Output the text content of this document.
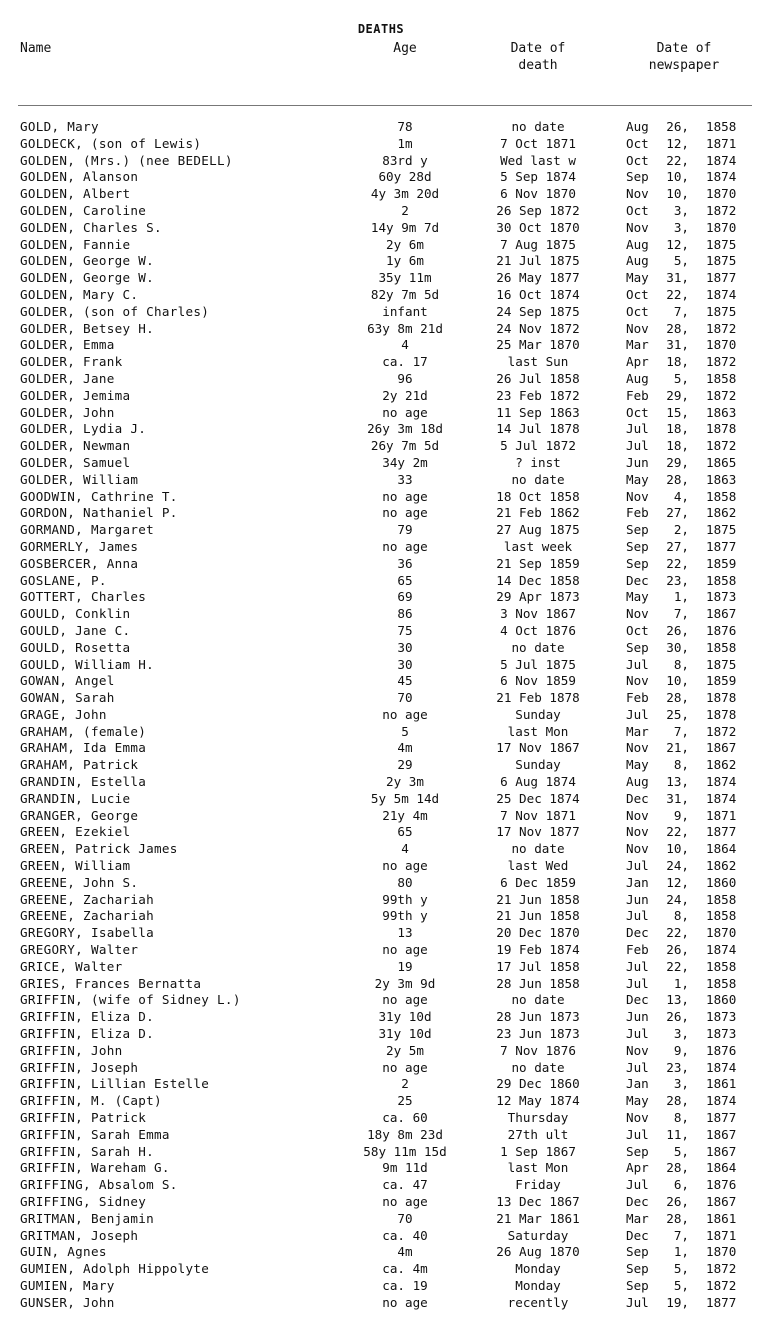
DEATHS
Name	Age	Date of
death
Date of
newspaper
GOLD, Mary	78	no date	Aug	26, 1858
GOLDECK, (son of Lewis)	1m	7 Oct 1871	Oct	12, 1871
GOLDEN, (Mrs.) (nee BEDELL)	83rd y	Wed last w	Oct	22, 1874
GOLDEN, Alanson	60y 28d	5 Sep 1874	Sep	10, 1874
GOLDEN, Albert	4y 3m 20d	6 Nov 1870	Nov	10, 1870
GOLDEN, Caroline	2	26 Sep 1872	Oct	3, 1872
GOLDEN, Charles S.	14y 9m 7d	30 Oct 1870	Nov	3, 1870
GOLDEN, Fannie	2y 6m	7 Aug 1875	Aug	12, 1875
GOLDEN, George W.	1y 6m	21 Jul 1875	Aug	5, 1875
GOLDEN, George W.	35y 11m	26 May 1877	May	31, 1877
GOLDEN, Mary C.	82y 7m 5d	16 Oct 1874	Oct	22, 1874
GOLDER, (son of Charles)	infant	24 Sep 1875	Oct	7, 1875
GOLDER, Betsey H.	63y 8m 21d	24 Nov 1872	Nov	28, 1872
GOLDER, Emma	4	25 Mar 1870	Mar	31, 1870
GOLDER, Frank	ca. 17	last Sun	Apr	18, 1872
GOLDER, Jane	96	26 Jul 1858	Aug	5, 1858
GOLDER, Jemima	2y 21d	23 Feb 1872	Feb	29, 1872
GOLDER, John	no age	11 Sep 1863	Oct	15, 1863
GOLDER, Lydia J.	26y 3m 18d	14 Jul 1878	Jul	18, 1878
GOLDER, Newman	26y 7m 5d	5 Jul 1872	Jul	18, 1872
GOLDER, Samuel	34y 2m	? inst	Jun	29, 1865
GOLDER, William	33	no date	May	28, 1863
GOODWIN, Cathrine T.	no age	18 Oct 1858	Nov	4, 1858
GORDON, Nathaniel P.	no age	21 Feb 1862	Feb	27, 1862
GORMAND, Margaret	79	27 Aug 1875	Sep	2, 1875
GORMERLY, James	no age	last week	Sep	27, 1877
GOSBERCER, Anna	36	21 Sep 1859	Sep	22, 1859
GOSLANE, P.	65	14 Dec 1858	Dec	23, 1858
GOTTERT, Charles	69	29 Apr 1873	May	1, 1873
GOULD, Conklin	86	3 Nov 1867	Nov	7, 1867
GOULD, Jane C.	75	4 Oct 1876	Oct	26, 1876
GOULD, Rosetta	30	no date	Sep	30, 1858
GOULD, William H.	30	5 Jul 1875	Jul	8, 1875
GOWAN, Angel	45	6 Nov 1859	Nov	10, 1859
GOWAN, Sarah	70	21 Feb 1878	Feb	28, 1878
GRAGE, John	no age	Sunday	Jul	25, 1878
GRAHAM, (female)	5	last Mon	Mar	7, 1872
GRAHAM, Ida Emma	4m	17 Nov 1867	Nov	21, 1867
GRAHAM, Patrick	29	Sunday	May	8, 1862
GRANDIN, Estella	2y 3m	6 Aug 1874	Aug	13, 1874
GRANDIN, Lucie	5y 5m 14d	25 Dec 1874	Dec	31, 1874
GRANGER, George	21y 4m	7 Nov 1871	Nov	9, 1871
GREEN, Ezekiel	65	17 Nov 1877	Nov	22, 1877
GREEN, Patrick James	4	no date	Nov	10, 1864
GREEN, William	no age	last Wed	Jul	24, 1862
GREENE, John S.	80	6 Dec 1859	Jan	12, 1860
GREENE, Zachariah	99th y	21 Jun 1858	Jun	24, 1858
GREENE, Zachariah	99th y	21 Jun 1858	Jul	8, 1858
GREGORY, Isabella	13	20 Dec 1870	Dec	22, 1870
GREGORY, Walter	no age	19 Feb 1874	Feb	26, 1874
GRICE, Walter	19	17 Jul 1858	Jul	22, 1858
GRIES, Frances Bernatta	2y 3m 9d	28 Jun 1858	Jul	1, 1858
GRIFFIN, (wife of Sidney L.)	no age	no date	Dec	13, 1860
GRIFFIN, Eliza D.	31y 10d	28 Jun 1873	Jun	26, 1873
GRIFFIN, Eliza D.	31y 10d	23 Jun 1873	Jul	3, 1873
GRIFFIN, John	2y 5m	7 Nov 1876	Nov	9, 1876
GRIFFIN, Joseph	no age	no date	Jul	23, 1874
GRIFFIN, Lillian Estelle	2	29 Dec 1860	Jan	3, 1861
GRIFFIN, M. (Capt)	25	12 May 1874	May	28, 1874
GRIFFIN, Patrick	ca. 60	Thursday	Nov	8, 1877
GRIFFIN, Sarah Emma	18y 8m 23d	27th ult	Jul	11, 1867
GRIFFIN, Sarah H.	58y 11m 15d	1 Sep 1867	Sep	5, 1867
GRIFFIN, Wareham G.	9m 11d	last Mon	Apr	28, 1864
GRIFFING, Absalom S.	ca. 47	Friday	Jul	6, 1876
GRIFFING, Sidney	no age	13 Dec 1867	Dec	26, 1867
GRITMAN, Benjamin	70	21 Mar 1861	Mar	28, 1861
GRITMAN, Joseph	ca. 40	Saturday	Dec	7, 1871
GUIN, Agnes	4m	26 Aug 1870	Sep	1, 1870
GUMIEN, Adolph Hippolyte	ca. 4m	Monday	Sep	5, 1872
GUMIEN, Mary	ca. 19	Monday	Sep	5, 1872
GUNSER, John	no age	recently	Jul	19, 1877
